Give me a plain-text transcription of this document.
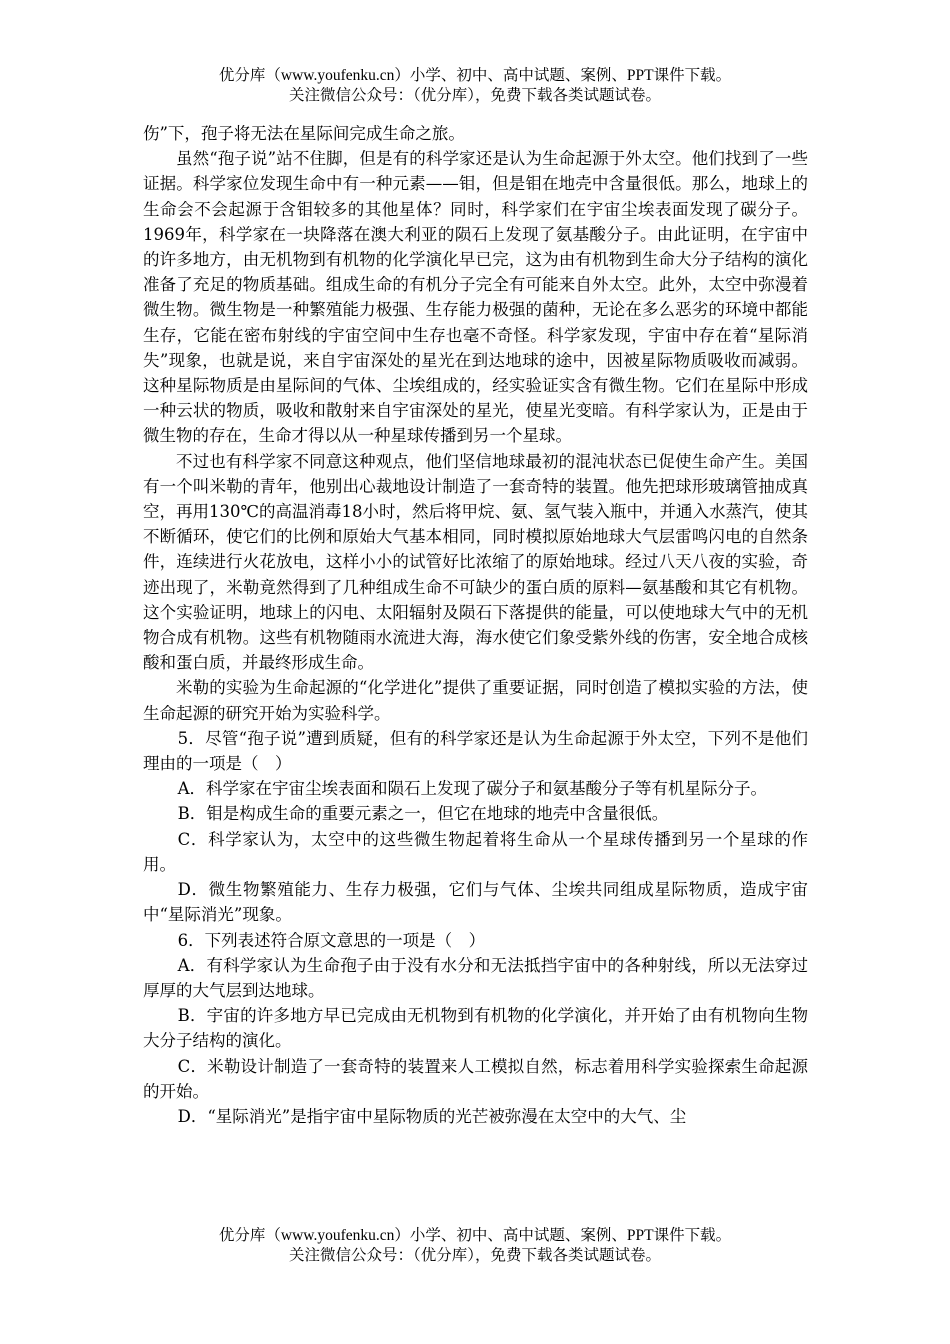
优分库（www.youfenku.cn）小学、初中、高中试题、案例、PPT课件下载。
关注微信公众号：（优分库），免费下载各类试题试卷。

伤”下，孢子将无法在星际间完成生命之旅。

虽然“孢子说”站不住脚，但是有的科学家还是认为生命起源于外太空。他们找到了一些证据。科学家位发现生命中有一种元素——钼，但是钼在地壳中含量很低。那么，地球上的生命会不会起源于含钼较多的其他星体？同时，科学家们在宇宙尘埃表面发现了碳分子。1969年，科学家在一块降落在澳大利亚的陨石上发现了氨基酸分子。由此证明，在宇宙中的许多地方，由无机物到有机物的化学演化早已完，这为由有机物到生命大分子结构的演化准备了充足的物质基础。组成生命的有机分子完全有可能来自外太空。此外，太空中弥漫着微生物。微生物是一种繁殖能力极强、生存能力极强的菌种，无论在多么恶劣的环境中都能生存，它能在密布射线的宇宙空间中生存也毫不奇怪。科学家发现，宇宙中存在着“星际消失”现象，也就是说，来自宇宙深处的星光在到达地球的途中，因被星际物质吸收而减弱。这种星际物质是由星际间的气体、尘埃组成的，经实验证实含有微生物。它们在星际中形成一种云状的物质，吸收和散射来自宇宙深处的星光，使星光变暗。有科学家认为，正是由于微生物的存在，生命才得以从一种星球传播到另一个星球。

不过也有科学家不同意这种观点，他们坚信地球最初的混沌状态已促使生命产生。美国有一个叫米勒的青年，他别出心裁地设计制造了一套奇特的装置。他先把球形玻璃管抽成真空，再用130℃的高温消毒18小时，然后将甲烷、氨、氢气装入瓶中，并通入水蒸汽，使其不断循环，使它们的比例和原始大气基本相同，同时模拟原始地球大气层雷鸣闪电的自然条件，连续进行火花放电，这样小小的试管好比浓缩了的原始地球。经过八天八夜的实验，奇迹出现了，米勒竟然得到了几种组成生命不可缺少的蛋白质的原料—氨基酸和其它有机物。这个实验证明，地球上的闪电、太阳辐射及陨石下落提供的能量，可以使地球大气中的无机物合成有机物。这些有机物随雨水流进大海，海水使它们象受紫外线的伤害，安全地合成核酸和蛋白质，并最终形成生命。

米勒的实验为生命起源的“化学进化”提供了重要证据，同时创造了模拟实验的方法，使生命起源的研究开始为实验科学。

5．尽管“孢子说”遭到质疑，但有的科学家还是认为生命起源于外太空，下列不是他们理由的一项是（　）

A．科学家在宇宙尘埃表面和陨石上发现了碳分子和氨基酸分子等有机星际分子。

B．钼是构成生命的重要元素之一，但它在地球的地壳中含量很低。

C．科学家认为，太空中的这些微生物起着将生命从一个星球传播到另一个星球的作用。

D．微生物繁殖能力、生存力极强，它们与气体、尘埃共同组成星际物质，造成宇宙中“星际消光”现象。

6．下列表述符合原文意思的一项是（　）

A．有科学家认为生命孢子由于没有水分和无法抵挡宇宙中的各种射线，所以无法穿过厚厚的大气层到达地球。

B．宇宙的许多地方早已完成由无机物到有机物的化学演化，并开始了由有机物向生物大分子结构的演化。

C．米勒设计制造了一套奇特的装置来人工模拟自然，标志着用科学实验探索生命起源的开始。

D．“星际消光”是指宇宙中星际物质的光芒被弥漫在太空中的大气、尘

优分库（www.youfenku.cn）小学、初中、高中试题、案例、PPT课件下载。
关注微信公众号：（优分库），免费下载各类试题试卷。
